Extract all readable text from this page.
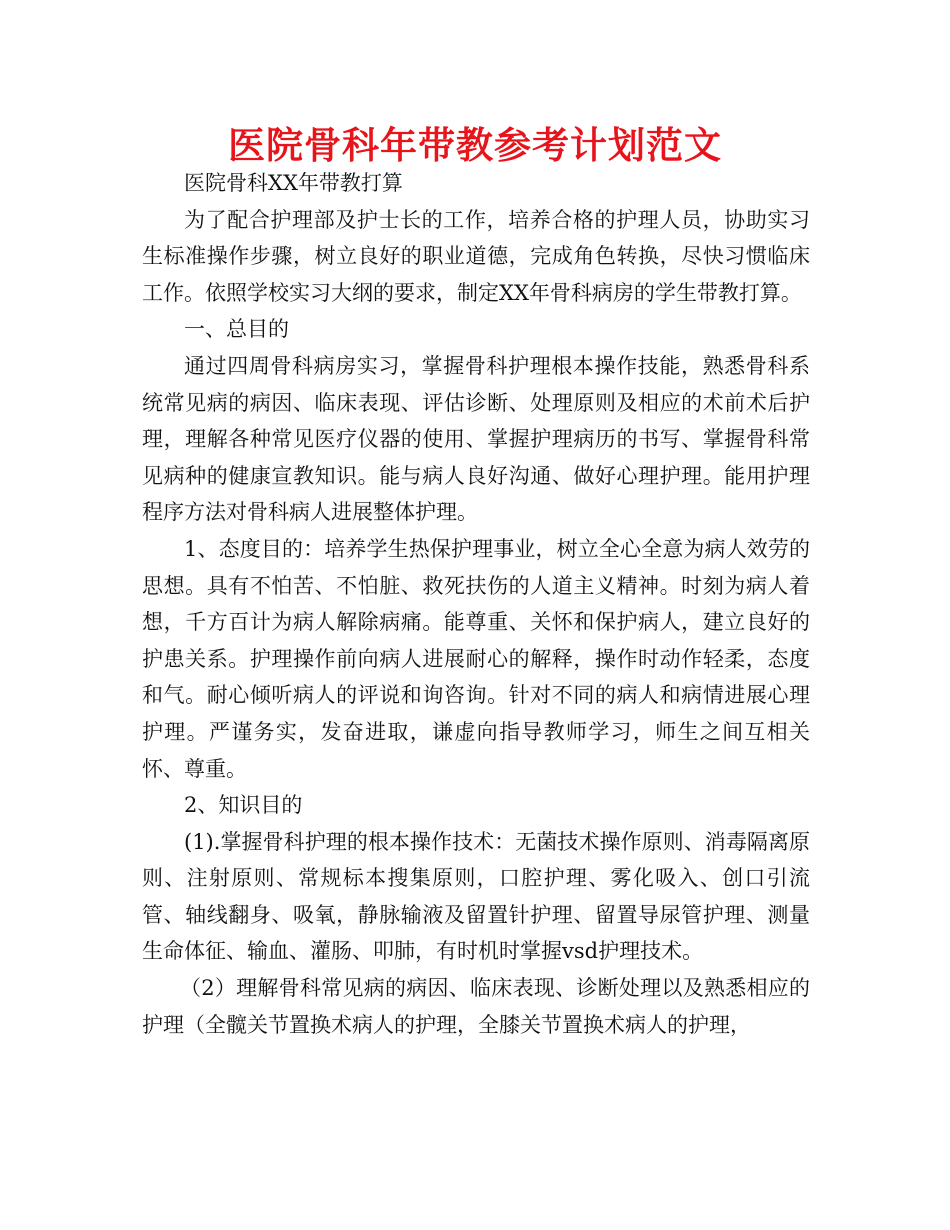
医院骨科年带教参考计划范文

医院骨科XX年带教打算

为了配合护理部及护士长的工作，培养合格的护理人员，协助实习生标准操作步骤，树立良好的职业道德，完成角色转换，尽快习惯临床工作。依照学校实习大纲的要求，制定XX年骨科病房的学生带教打算。

一、总目的

通过四周骨科病房实习，掌握骨科护理根本操作技能，熟悉骨科系统常见病的病因、临床表现、评估诊断、处理原则及相应的术前术后护理，理解各种常见医疗仪器的使用、掌握护理病历的书写、掌握骨科常见病种的健康宣教知识。能与病人良好沟通、做好心理护理。能用护理程序方法对骨科病人进展整体护理。

1、态度目的：培养学生热保护理事业，树立全心全意为病人效劳的思想。具有不怕苦、不怕脏、救死扶伤的人道主义精神。时刻为病人着想，千方百计为病人解除病痛。能尊重、关怀和保护病人，建立良好的护患关系。护理操作前向病人进展耐心的解释，操作时动作轻柔，态度和气。耐心倾听病人的评说和询咨询。针对不同的病人和病情进展心理护理。严谨务实，发奋进取，谦虚向指导教师学习，师生之间互相关怀、尊重。

2、知识目的

(1).掌握骨科护理的根本操作技术：无菌技术操作原则、消毒隔离原则、注射原则、常规标本搜集原则，口腔护理、雾化吸入、创口引流管、轴线翻身、吸氧，静脉输液及留置针护理、留置导尿管护理、测量生命体征、输血、灌肠、叩肺，有时机时掌握vsd护理技术。

（2）理解骨科常见病的病因、临床表现、诊断处理以及熟悉相应的护理（全髋关节置换术病人的护理，全膝关节置换术病人的护理，
